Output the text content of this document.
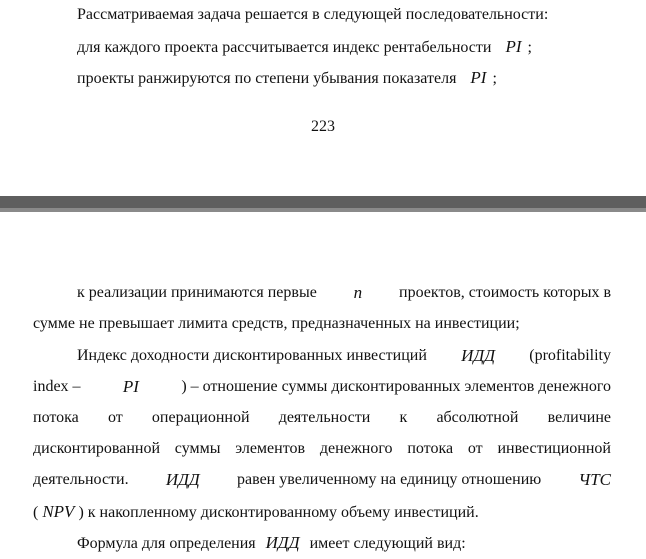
Рассматриваемая задача решается в следующей последовательности:
для каждого проекта рассчитывается индекс рентабельности PI ;
проекты ранжируются по степени убывания показателя PI ;
223
к реализации принимаются первые n проектов, стоимость которых в
сумме не превышает лимита средств, предназначенных на инвестиции;
Индекс доходности дисконтированных инвестиций ИДД (profitability
index – PI	) – отношение суммы дисконтированных элементов денежного
потока от операционной деятельности к абсолютной величине
дисконтированной суммы элементов денежного потока от инвестиционной
деятельности. ИДД равен увеличенному на единицу отношению ЧТС
( NPV ) к накопленному дисконтированному объему инвестиций.
Формула для определения ИДД имеет следующий вид:
